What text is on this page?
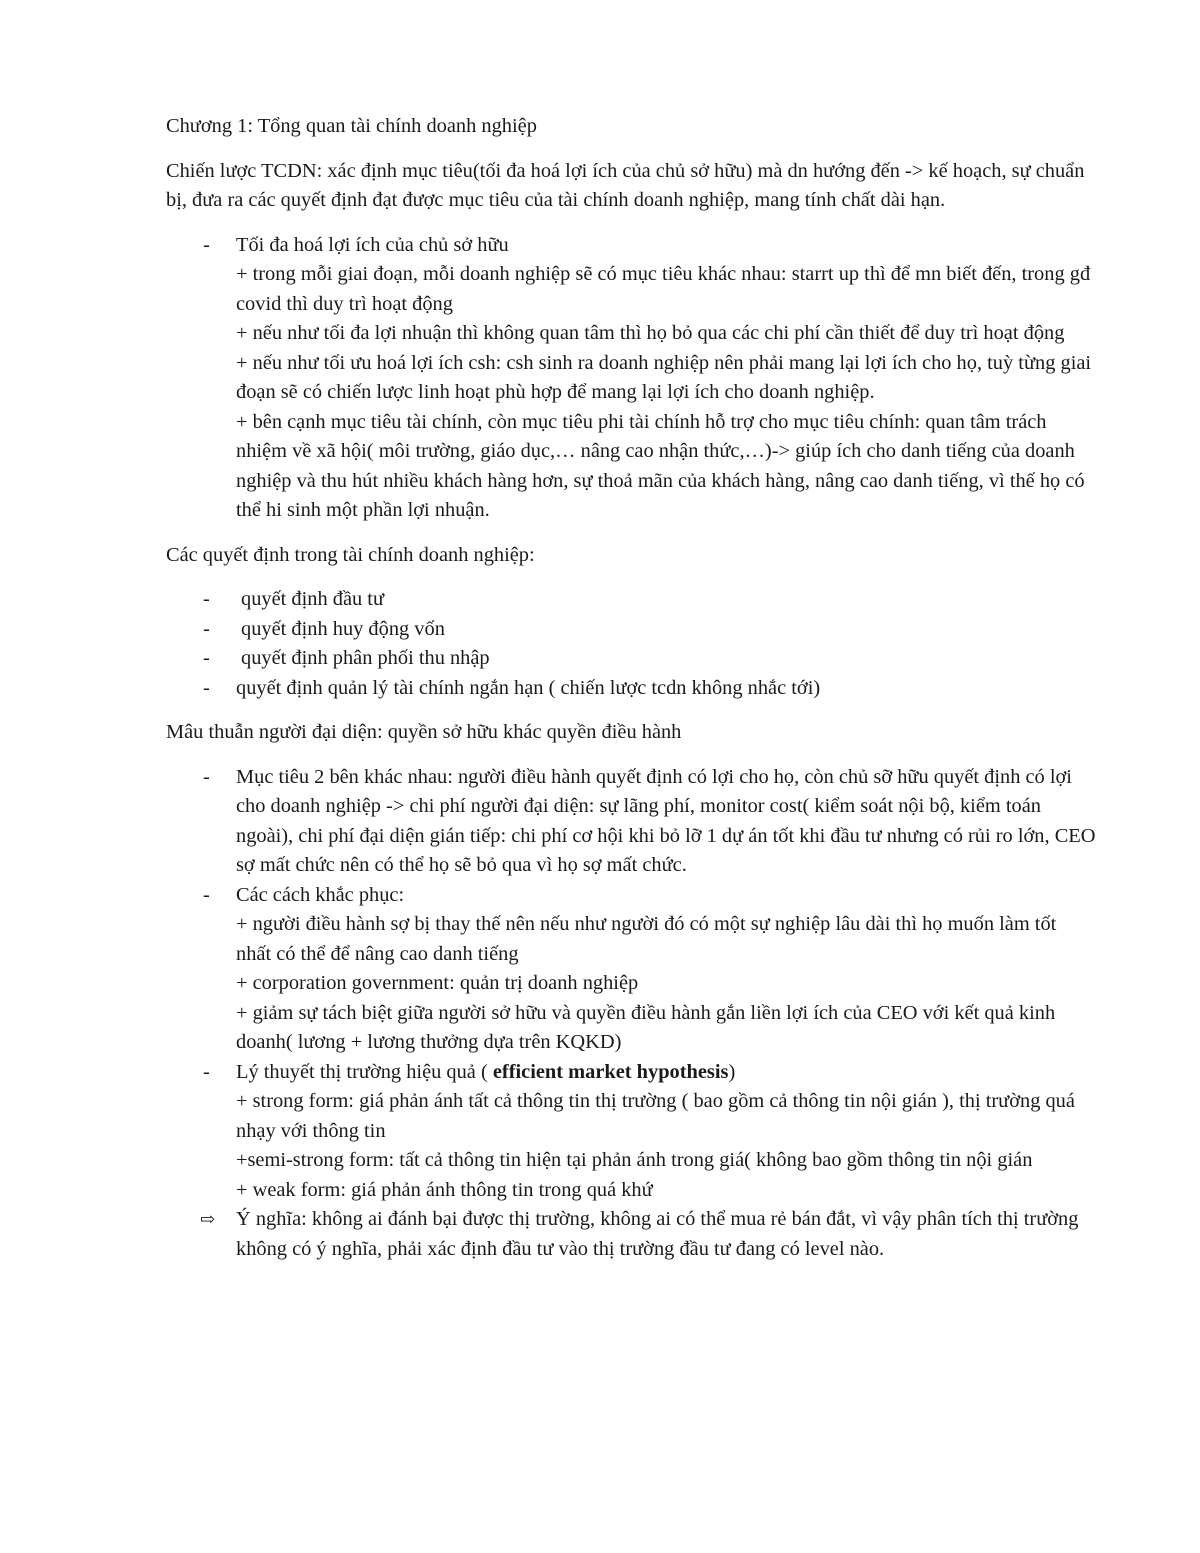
Chương 1: Tổng quan tài chính doanh nghiệp

Chiến lược TCDN: xác định mục tiêu(tối đa hoá lợi ích của chủ sở hữu) mà dn hướng đến -> kế hoạch, sự chuẩn bị, đưa ra các quyết định đạt được mục tiêu của tài chính doanh nghiệp, mang tính chất dài hạn.

- Tối đa hoá lợi ích của chủ sở hữu
+ trong mỗi giai đoạn, mỗi doanh nghiệp sẽ có mục tiêu khác nhau: starrt up thì để mn biết đến, trong gđ covid thì duy trì hoạt động
+ nếu như tối đa lợi nhuận thì không quan tâm thì họ bỏ qua các chi phí cần thiết để duy trì hoạt động
+ nếu như tối ưu hoá lợi ích csh: csh sinh ra doanh nghiệp nên phải mang lại lợi ích cho họ, tuỳ từng giai đoạn sẽ có chiến lược linh hoạt phù hợp để mang lại lợi ích cho doanh nghiệp.
+ bên cạnh mục tiêu tài chính, còn mục tiêu phi tài chính hỗ trợ cho mục tiêu chính: quan tâm trách nhiệm về xã hội( môi trường, giáo dục,… nâng cao nhận thức,…)-> giúp ích cho danh tiếng của doanh nghiệp và thu hút nhiều khách hàng hơn, sự thoả mãn của khách hàng, nâng cao danh tiếng, vì thế họ có thể hi sinh một phần lợi nhuận.

Các quyết định trong tài chính doanh nghiệp:

- quyết định đầu tư
- quyết định huy động vốn
- quyết định phân phối thu nhập
- quyết định quản lý tài chính ngắn hạn ( chiến lược tcdn không nhắc tới)

Mâu thuẫn người đại diện: quyền sở hữu khác quyền điều hành

- Mục tiêu 2 bên khác nhau: người điều hành quyết định có lợi cho họ, còn chủ sỡ hữu quyết định có lợi cho doanh nghiệp -> chi phí người đại diện: sự lãng phí, monitor cost( kiểm soát nội bộ, kiểm toán ngoài), chi phí đại diện gián tiếp: chi phí cơ hội khi bỏ lỡ 1 dự án tốt khi đầu tư nhưng có rủi ro lớn, CEO sợ mất chức nên có thể họ sẽ bỏ qua vì họ sợ mất chức.
- Các cách khắc phục:
+ người điều hành sợ bị thay thế nên nếu như người đó có một sự nghiệp lâu dài thì họ muốn làm tốt nhất có thể để nâng cao danh tiếng
+ corporation government: quản trị doanh nghiệp
+ giảm sự tách biệt giữa người sở hữu và quyền điều hành gắn liền lợi ích của CEO với kết quả kinh doanh( lương + lương thưởng dựa trên KQKD)
- Lý thuyết thị trường hiệu quả ( efficient market hypothesis)
+ strong form: giá phản ánh tất cả thông tin thị trường ( bao gồm cả thông tin nội gián ), thị trường quá nhạy với thông tin
+semi-strong form: tất cả thông tin hiện tại phản ánh trong giá( không bao gồm thông tin nội gián
+ weak form: giá phản ánh thông tin trong quá khứ
⇨ Ý nghĩa: không ai đánh bại được thị trường, không ai có thể mua rẻ bán đắt, vì vậy phân tích thị trường không có ý nghĩa, phải xác định đầu tư vào thị trường đầu tư đang có level nào.
